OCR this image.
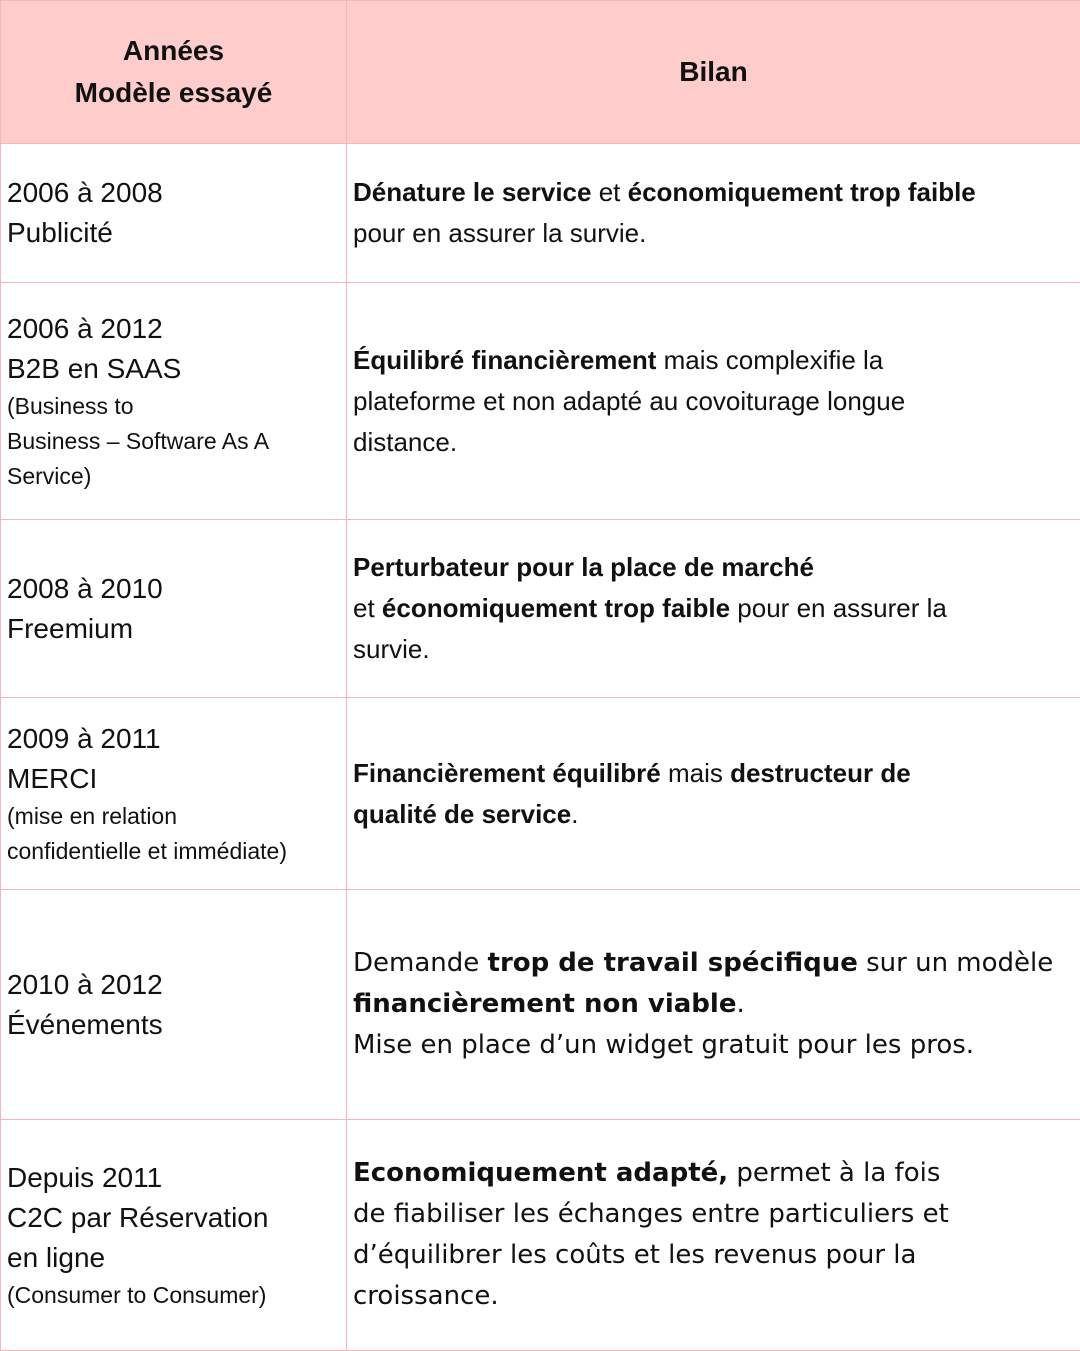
Années
Modèle essayé	Bilan

2006 à 2008
Publicité	Dénature le service et économiquement trop faible
pour en assurer la survie.

2006 à 2012
B2B en SAAS
(Business to
Business – Software As A
Service)	Équilibré financièrement mais complexifie la
plateforme et non adapté au covoiturage longue
distance.

2008 à 2010
Freemium	Perturbateur pour la place de marché
et économiquement trop faible pour en assurer la
survie.

2009 à 2011
MERCI
(mise en relation
confidentielle et immédiate)	Financièrement équilibré mais destructeur de
qualité de service.

2010 à 2012
Événements	Demande trop de travail spécifique sur un modèle
financièrement non viable.
Mise en place d’un widget gratuit pour les pros.

Depuis 2011
C2C par Réservation
en ligne
(Consumer to Consumer)	Economiquement adapté, permet à la fois
de fiabiliser les échanges entre particuliers et
d’équilibrer les coûts et les revenus pour la
croissance.
